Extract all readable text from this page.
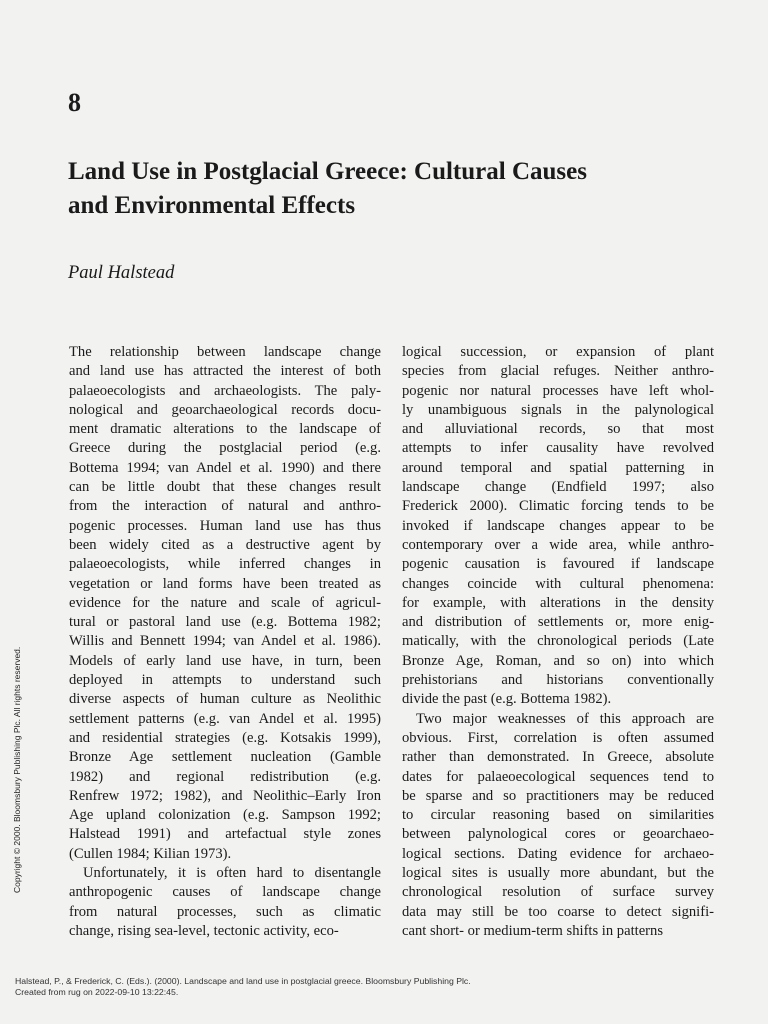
8
Land Use in Postglacial Greece: Cultural Causes
and Environmental Effects

Paul Halstead

The relationship between landscape change
and land use has attracted the interest of both
palaeoecologists and archaeologists. The paly-
nological and geoarchaeological records docu-
ment dramatic alterations to the landscape of
Greece during the postglacial period (e.g.
Bottema 1994; van Andel et al. 1990) and there
can be little doubt that these changes result
from the interaction of natural and anthro-
pogenic processes. Human land use has thus
been widely cited as a destructive agent by
palaeoecologists, while inferred changes in
vegetation or land forms have been treated as
evidence for the nature and scale of agricul-
tural or pastoral land use (e.g. Bottema 1982;
Willis and Bennett 1994; van Andel et al. 1986).
Models of early land use have, in turn, been
deployed in attempts to understand such
diverse aspects of human culture as Neolithic
settlement patterns (e.g. van Andel et al. 1995)
and residential strategies (e.g. Kotsakis 1999),
Bronze Age settlement nucleation (Gamble
1982) and regional redistribution (e.g.
Renfrew 1972; 1982), and Neolithic–Early Iron
Age upland colonization (e.g. Sampson 1992;
Halstead 1991) and artefactual style zones
(Cullen 1984; Kilian 1973).
Unfortunately, it is often hard to disentangle
anthropogenic causes of landscape change
from natural processes, such as climatic
change, rising sea-level, tectonic activity, eco-
logical succession, or expansion of plant
species from glacial refuges. Neither anthro-
pogenic nor natural processes have left whol-
ly unambiguous signals in the palynological
and alluviational records, so that most
attempts to infer causality have revolved
around temporal and spatial patterning in
landscape change (Endfield 1997; also
Frederick 2000). Climatic forcing tends to be
invoked if landscape changes appear to be
contemporary over a wide area, while anthro-
pogenic causation is favoured if landscape
changes coincide with cultural phenomena:
for example, with alterations in the density
and distribution of settlements or, more enig-
matically, with the chronological periods (Late
Bronze Age, Roman, and so on) into which
prehistorians and historians conventionally
divide the past (e.g. Bottema 1982).
Two major weaknesses of this approach are
obvious. First, correlation is often assumed
rather than demonstrated. In Greece, absolute
dates for palaeoecological sequences tend to
be sparse and so practitioners may be reduced
to circular reasoning based on similarities
between palynological cores or geoarchaeo-
logical sections. Dating evidence for archaeo-
logical sites is usually more abundant, but the
chronological resolution of surface survey
data may still be too coarse to detect signifi-
cant short- or medium-term shifts in patterns
Copyright © 2000. Bloomsbury Publishing Plc. All rights reserved.
Halstead, P., & Frederick, C. (Eds.). (2000). Landscape and land use in postglacial greece. Bloomsbury Publishing Plc.
Created from rug on 2022-09-10 13:22:45.
